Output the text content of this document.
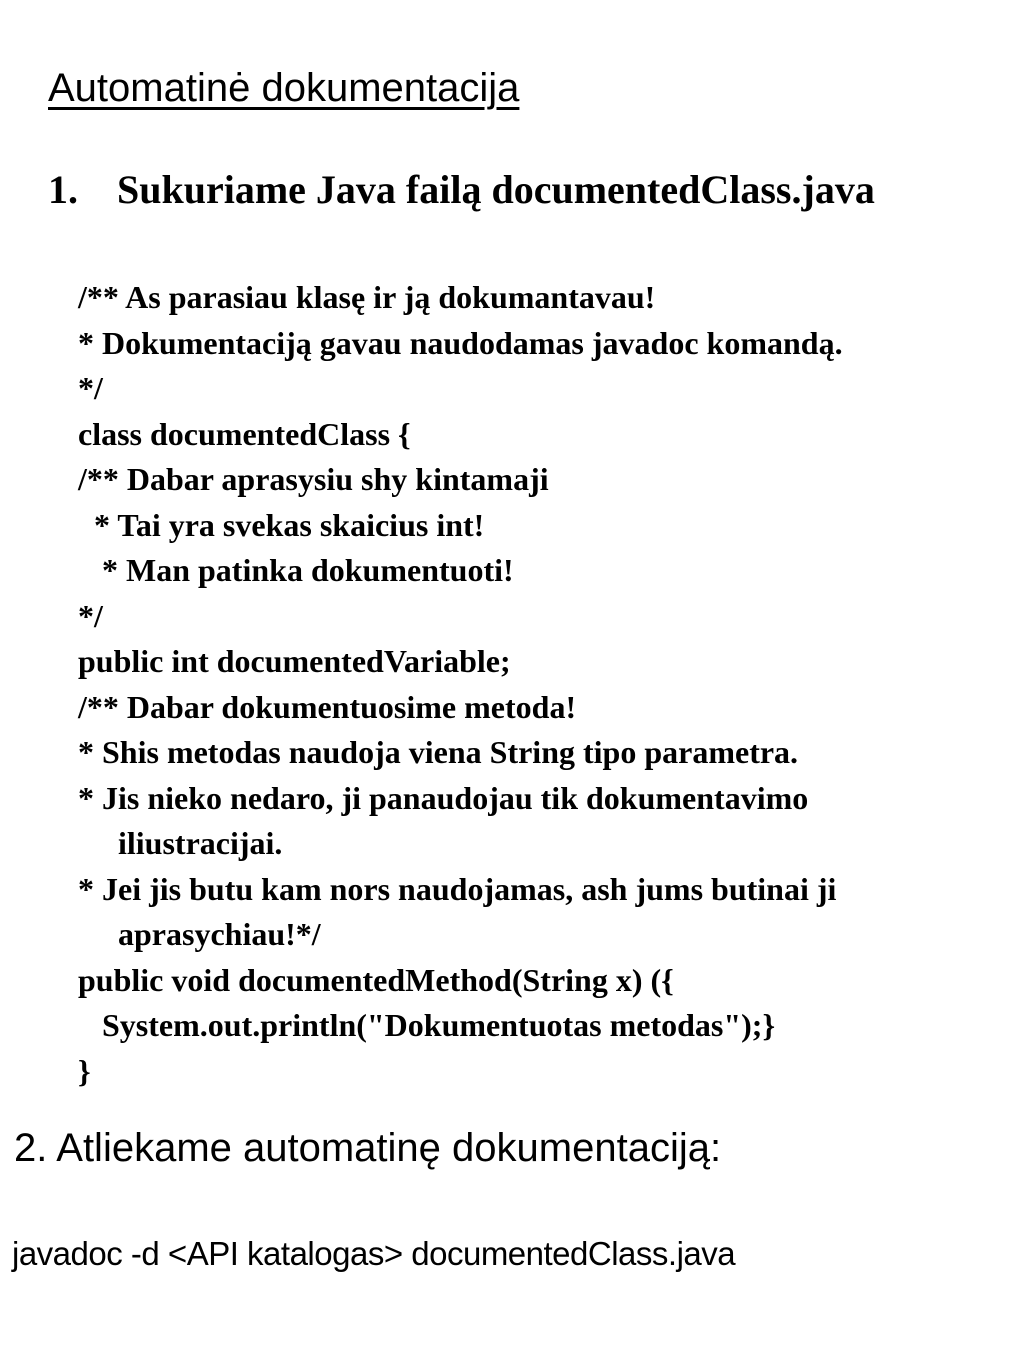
Automatinė dokumentacija
1. Sukuriame Java failą documentedClass.java
/** As parasiau klasę ir ją dokumantavau!
* Dokumentaciją gavau naudodamas javadoc komandą.
*/
class documentedClass {
/** Dabar aprasysiu shy kintamaji
* Tai yra svekas skaicius int!
* Man patinka dokumentuoti!
*/
public int documentedVariable;
/** Dabar dokumentuosime metoda!
* Shis metodas naudoja viena String tipo parametra.
* Jis nieko nedaro, ji panaudojau tik dokumentavimo
iliustracijai.
* Jei jis butu kam nors naudojamas, ash jums butinai ji
aprasychiau!*/
public void documentedMethod(String x) ({
System.out.println("Dokumentuotas metodas");}
}
2. Atliekame automatinę dokumentaciją:
javadoc -d <API katalogas> documentedClass.java
